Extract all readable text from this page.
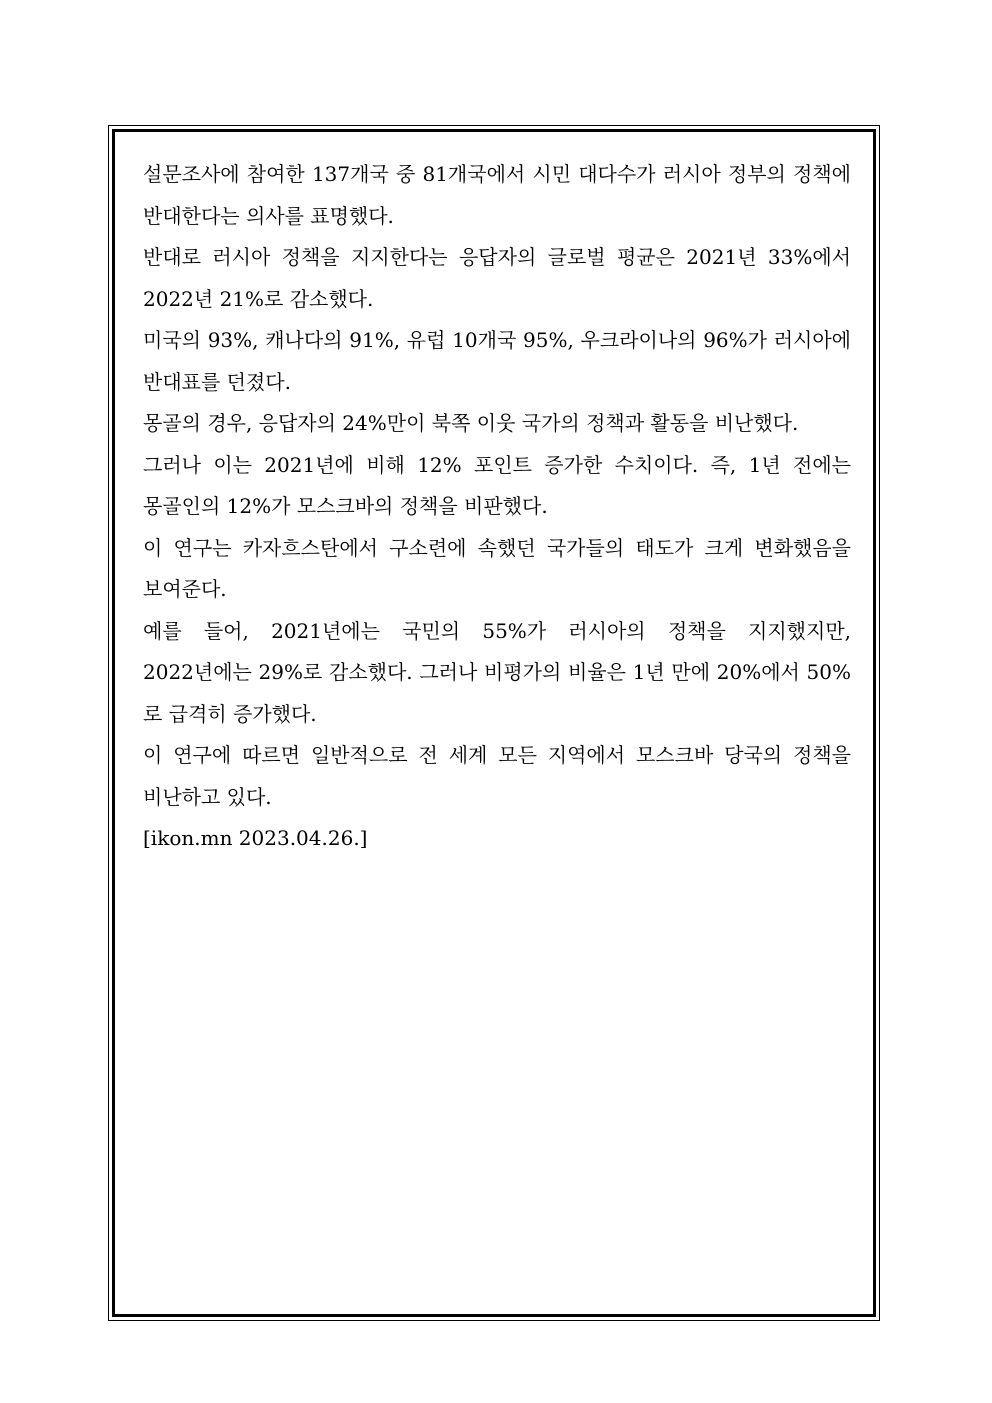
설문조사에 참여한 137개국 중 81개국에서 시민 대다수가 러시아 정부의 정책에 반대한다는 의사를 표명했다.

반대로 러시아 정책을 지지한다는 응답자의 글로벌 평균은 2021년 33%에서 2022년 21%로 감소했다.

미국의 93%, 캐나다의 91%, 유럽 10개국 95%, 우크라이나의 96%가 러시아에 반대표를 던졌다.

몽골의 경우, 응답자의 24%만이 북쪽 이웃 국가의 정책과 활동을 비난했다.

그러나 이는 2021년에 비해 12% 포인트 증가한 수치이다. 즉, 1년 전에는 몽골인의 12%가 모스크바의 정책을 비판했다.

이 연구는 카자흐스탄에서 구소련에 속했던 국가들의 태도가 크게 변화했음을 보여준다.

예를 들어, 2021년에는 국민의 55%가 러시아의 정책을 지지했지만, 2022년에는 29%로 감소했다. 그러나 비평가의 비율은 1년 만에 20%에서 50%로 급격히 증가했다.

이 연구에 따르면 일반적으로 전 세계 모든 지역에서 모스크바 당국의 정책을 비난하고 있다.

[ikon.mn 2023.04.26.]
